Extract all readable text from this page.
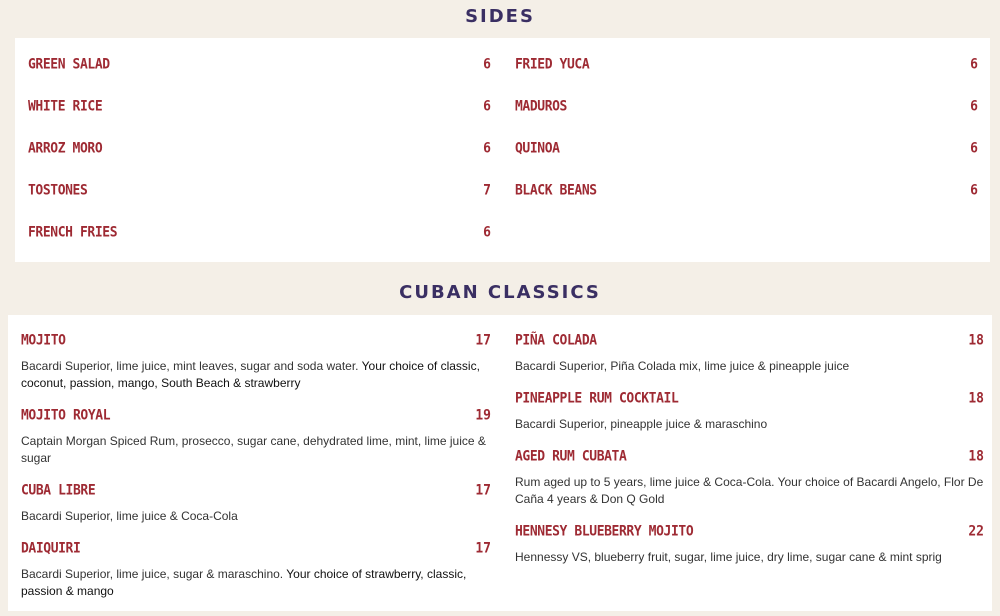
SIDES
GREEN SALAD	6
WHITE RICE	6
ARROZ MORO	6
TOSTONES	7
FRENCH FRIES	6
FRIED YUCA	6
MADUROS	6
QUINOA	6
BLACK BEANS	6
CUBAN CLASSICS
MOJITO	17

Bacardi Superior, lime juice, mint leaves, sugar and soda water. Your choice of classic, coconut, passion, mango, South Beach & strawberry

MOJITO ROYAL	19

Captain Morgan Spiced Rum, prosecco, sugar cane, dehydrated lime, mint, lime juice & sugar

CUBA LIBRE	17

Bacardi Superior, lime juice & Coca-Cola

DAIQUIRI	17

Bacardi Superior, lime juice, sugar & maraschino. Your choice of strawberry, classic, passion & mango

PIÑA COLADA	18

Bacardi Superior, Piña Colada mix, lime juice & pineapple juice

PINEAPPLE RUM COCKTAIL	18

Bacardi Superior, pineapple juice & maraschino

AGED RUM CUBATA	18

Rum aged up to 5 years, lime juice & Coca-Cola. Your choice of Bacardi Angelo, Flor De Caña 4 years & Don Q Gold

HENNESY BLUEBERRY MOJITO	22

Hennessy VS, blueberry fruit, sugar, lime juice, dry lime, sugar cane & mint sprig
